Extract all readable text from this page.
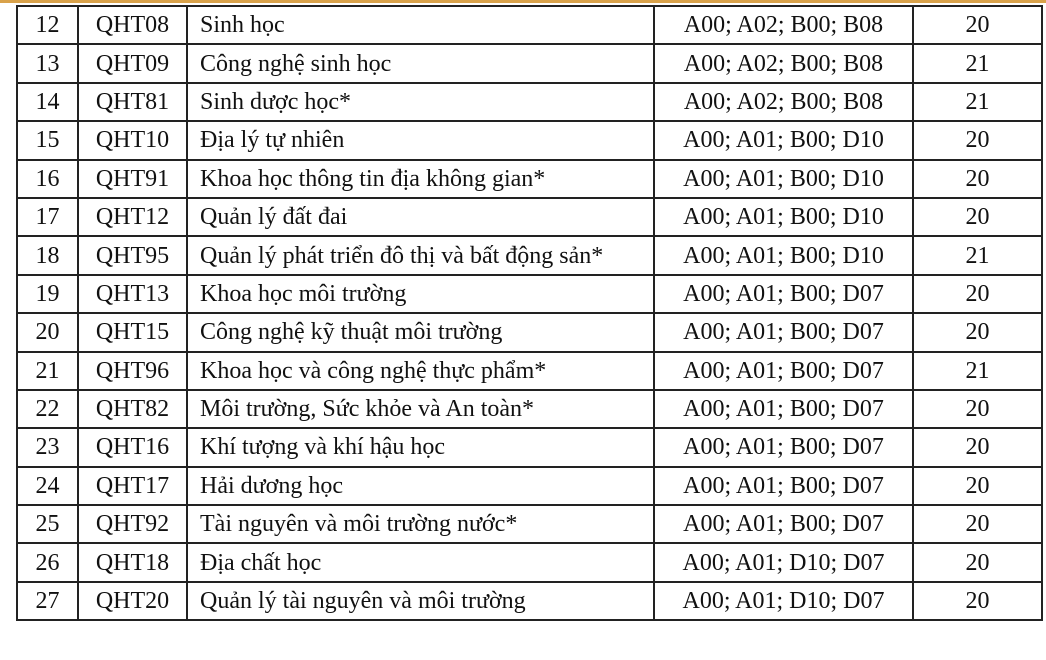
12	QHT08	Sinh học	A00; A02; B00; B08	20
13	QHT09	Công nghệ sinh học	A00; A02; B00; B08	21
14	QHT81	Sinh dược học*	A00; A02; B00; B08	21
15	QHT10	Địa lý tự nhiên	A00; A01; B00; D10	20
16	QHT91	Khoa học thông tin địa không gian*	A00; A01; B00; D10	20
17	QHT12	Quản lý đất đai	A00; A01; B00; D10	20
18	QHT95	Quản lý phát triển đô thị và bất động sản*	A00; A01; B00; D10	21
19	QHT13	Khoa học môi trường	A00; A01; B00; D07	20
20	QHT15	Công nghệ kỹ thuật môi trường	A00; A01; B00; D07	20
21	QHT96	Khoa học và công nghệ thực phẩm*	A00; A01; B00; D07	21
22	QHT82	Môi trường, Sức khỏe và An toàn*	A00; A01; B00; D07	20
23	QHT16	Khí tượng và khí hậu học	A00; A01; B00; D07	20
24	QHT17	Hải dương học	A00; A01; B00; D07	20
25	QHT92	Tài nguyên và môi trường nước*	A00; A01; B00; D07	20
26	QHT18	Địa chất học	A00; A01; D10; D07	20
27	QHT20	Quản lý tài nguyên và môi trường	A00; A01; D10; D07	20
